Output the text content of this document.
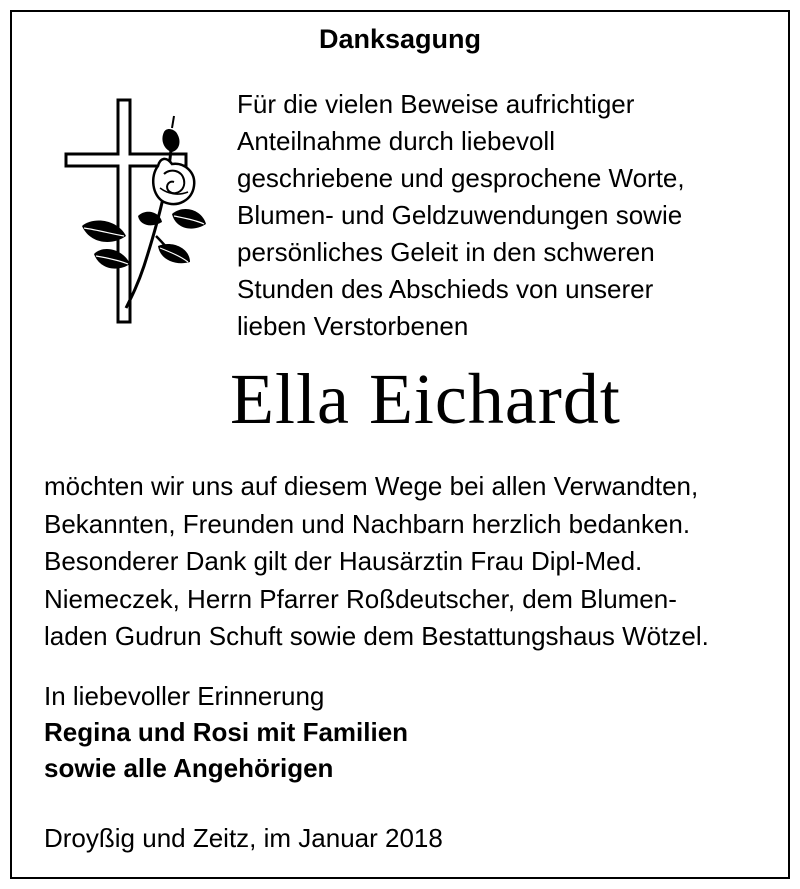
Danksagung
Für die vielen Beweise aufrichtiger
Anteilnahme durch liebevoll
geschriebene und gesprochene Worte,
Blumen- und Geldzuwendungen sowie
persönliches Geleit in den schweren
Stunden des Abschieds von unserer
lieben Verstorbenen
Ella Eichardt
möchten wir uns auf diesem Wege bei allen Verwandten,
Bekannten, Freunden und Nachbarn herzlich bedanken.
Besonderer Dank gilt der Hausärztin Frau Dipl-Med.
Niemeczek, Herrn Pfarrer Roßdeutscher, dem Blumen-
laden Gudrun Schuft sowie dem Bestattungshaus Wötzel.
In liebevoller Erinnerung
Regina und Rosi mit Familien
sowie alle Angehörigen
Droyßig und Zeitz, im Januar 2018
